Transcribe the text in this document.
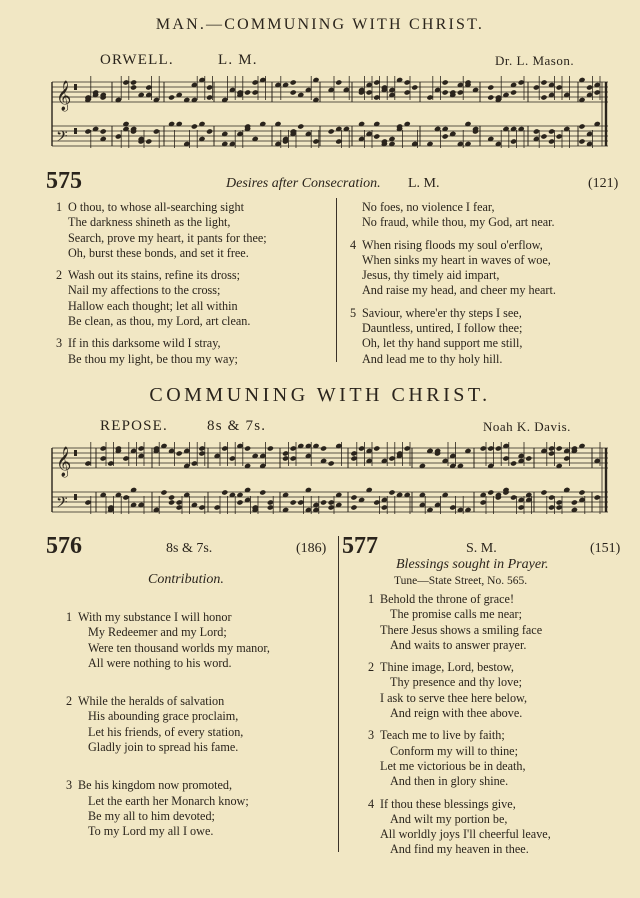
MAN.—COMMUNING WITH CHRIST.
ORWELL.	L. M.	Dr. L. Mason.
𝄞
𝄢
575	Desires after Consecration. L. M.	(121)
1 O thou, to whose all-searching sight
The darkness shineth as the light,
Search, prove my heart, it pants for thee;
Oh, burst these bonds, and set it free.
2 Wash out its stains, refine its dross;
Nail my affections to the cross;
Hallow each thought; let all within
Be clean, as thou, my Lord, art clean.
3 If in this darksome wild I stray,
Be thou my light, be thou my way;
No foes, no violence I fear,
No fraud, while thou, my God, art near.
4 When rising floods my soul o'erflow,
When sinks my heart in waves of woe,
Jesus, thy timely aid impart,
And raise my head, and cheer my heart.
5 Saviour, where'er thy steps I see,
Dauntless, untired, I follow thee;
Oh, let thy hand support me still,
And lead me to thy holy hill.
COMMUNING WITH CHRIST.
REPOSE.	8s & 7s.	Noah K. Davis.
𝄞
𝄢
576	8s & 7s.	(186)
Contribution.
1 With my substance I will honor
My Redeemer and my Lord;
Were ten thousand worlds my manor,
All were nothing to his word.
2 While the heralds of salvation
His abounding grace proclaim,
Let his friends, of every station,
Gladly join to spread his fame.
3 Be his kingdom now promoted,
Let the earth her Monarch know;
Be my all to him devoted;
To my Lord my all I owe.
577	S. M.	(151)
Blessings sought in Prayer.
Tune—State Street, No. 565.
1 Behold the throne of grace!
The promise calls me near;
There Jesus shows a smiling face
And waits to answer prayer.
2 Thine image, Lord, bestow,
Thy presence and thy love;
I ask to serve thee here below,
And reign with thee above.
3 Teach me to live by faith;
Conform my will to thine;
Let me victorious be in death,
And then in glory shine.
4 If thou these blessings give,
And wilt my portion be,
All worldly joys I'll cheerful leave,
And find my heaven in thee.
